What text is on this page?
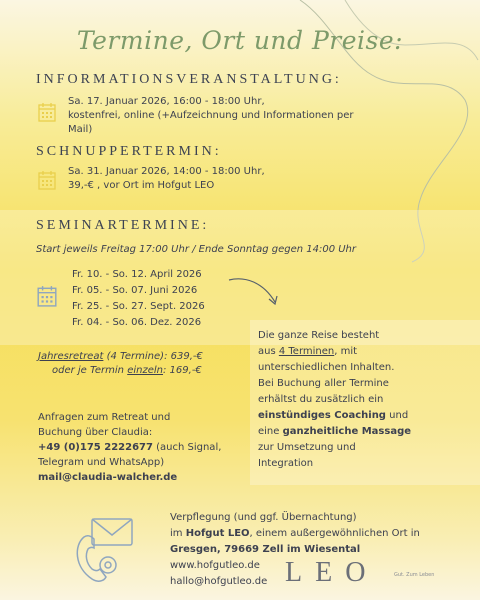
Termine, Ort und Preise:
INFORMATIONSVERANSTALTUNG:
Sa. 17. Januar 2026, 16:00 - 18:00 Uhr,
kostenfrei, online (+Aufzeichnung und Informationen per
Mail)
SCHNUPPERTERMIN:
Sa. 31. Januar 2026, 14:00 - 18:00 Uhr,
39,-€ , vor Ort im Hofgut LEO
SEMINARTERMINE:
Start jeweils Freitag 17:00 Uhr / Ende Sonntag gegen 14:00 Uhr
Fr. 10. - So. 12. April 2026
Fr. 05. - So. 07. Juni 2026
Fr. 25. - So. 27. Sept. 2026
Fr. 04. - So. 06. Dez. 2026
Jahresretreat (4 Termine): 639,-€
oder je Termin einzeln: 169,-€
Die ganze Reise besteht
aus 4 Terminen, mit
unterschiedlichen Inhalten.
Bei Buchung aller Termine
erhältst du zusätzlich ein
einstündiges Coaching und
eine ganzheitliche Massage
zur Umsetzung und
Integration
Anfragen zum Retreat und
Buchung über Claudia:
+49 (0)175 2222677 (auch Signal,
Telegram und WhatsApp)
mail@claudia-walcher.de
Verpflegung (und ggf. Übernachtung)
im Hofgut LEO, einem außergewöhnlichen Ort in
Gresgen, 79669 Zell im Wiesental
www.hofgutleo.de
hallo@hofgutleo.de LEO	Gut. Zum Leben
